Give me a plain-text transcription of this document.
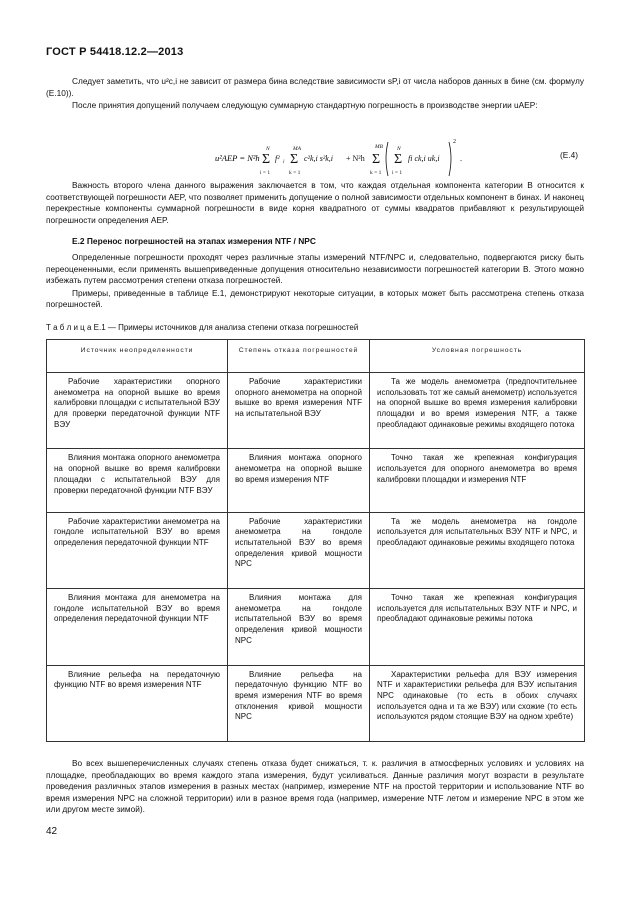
ГОСТ Р 54418.12.2—2013

Следует заметить, что u²c,i не зависит от размера бина вследствие зависимости sP,i от числа наборов данных в бине (см. формулу (Е.10)).

После принятия допущений получаем следующую суммарную стандартную погрешность в производстве энергии uAEP:

u²AEP = N²h Σ
N
i = 1
f² i Σ
MA
k = 1
c²k,i s²k,i + N²h Σ
MB
k = 1
Σ
N
i = 1
fi ck,i uk,i
2
.	(Е.4)

Важность второго члена данного выражения заключается в том, что каждая отдельная компонента категории В относится к соответствующей погрешности AEP, что позволяет применить допущение о полной зависимости отдельных компонент в бинах. И наконец перекрестные компоненты суммарной погрешности в виде корня квадратного от суммы квадратов прибавляют к результирующей погрешности определения AEP.

Е.2 Перенос погрешностей на этапах измерения NTF / NPC

Определенные погрешности проходят через различные этапы измерений NTF/NPC и, следовательно, подвергаются риску быть переоцененными, если применять вышеприведенные допущения относительно независимости погрешностей категории В. Этого можно избежать путем рассмотрения степени отказа погрешностей.

Примеры, приведенные в таблице Е.1, демонстрируют некоторые ситуации, в которых может быть рассмотрена степень отказа погрешностей.

Т а б л и ц а Е.1 — Примеры источников для анализа степени отказа погрешностей
Источник неопределенности	Степень отказа погрешностей	Условная погрешность
Рабочие характеристики опорного анемометра на опорной вышке во время калибровки площадки с испытательной ВЭУ для проверки передаточной функции NTF ВЭУ	Рабочие характеристики опорного анемометра на опорной вышке во время измерения NTF на испытательной ВЭУ	Та же модель анемометра (предпочтительнее использовать тот же самый анемометр) используется на опорной вышке во время измерения калибровки площадки и во время измерения NTF, а также преобладают одинаковые режимы входящего потока
Влияния монтажа опорного анемометра на опорной вышке во время калибровки площадки с испытательной ВЭУ для проверки передаточной функции NTF ВЭУ	Влияния монтажа опорного анемометра на опорной вышке во время измерения NTF	Точно такая же крепежная конфигурация используется для опорного анемометра во время калибровки площадки и измерения NTF
Рабочие характеристики анемометра на гондоле испытательной ВЭУ во время определения передаточной функции NTF	Рабочие характеристики анемометра на гондоле испытательной ВЭУ во время определения кривой мощности NPC	Та же модель анемометра на гондоле используется для испытательных ВЭУ NTF и NPC, и преобладают одинаковые режимы входящего потока
Влияния монтажа для анемометра на гондоле испытательной ВЭУ во время определения передаточной функции NTF	Влияния монтажа для анемометра на гондоле испытательной ВЭУ во время определения кривой мощности NPC	Точно такая же крепежная конфигурация используется для испытательных ВЭУ NTF и NPC, и преобладают одинаковые режимы потока
Влияние рельефа на передаточную функцию NTF во время измерения NTF	Влияние рельефа на передаточную функцию NTF во время измерения NTF во время отклонения кривой мощности NPC	Характеристики рельефа для ВЭУ измерения NTF и характеристики рельефа для ВЭУ испытания NPC одинаковые (то есть в обоих случаях используется одна и та же ВЭУ) или схожие (то есть используются рядом стоящие ВЭУ на одном хребте)

Во всех вышеперечисленных случаях степень отказа будет снижаться, т. к. различия в атмосферных условиях и условиях на площадке, преобладающих во время каждого этапа измерения, будут усиливаться. Данные различия могут возрасти в результате проведения различных этапов измерения в разных местах (например, измерение NTF на простой территории и использование NTF во время измерения NPC на сложной территории) или в разное время года (например, измерение NTF летом и измерение NPC в этом же или другом месте зимой).

42
